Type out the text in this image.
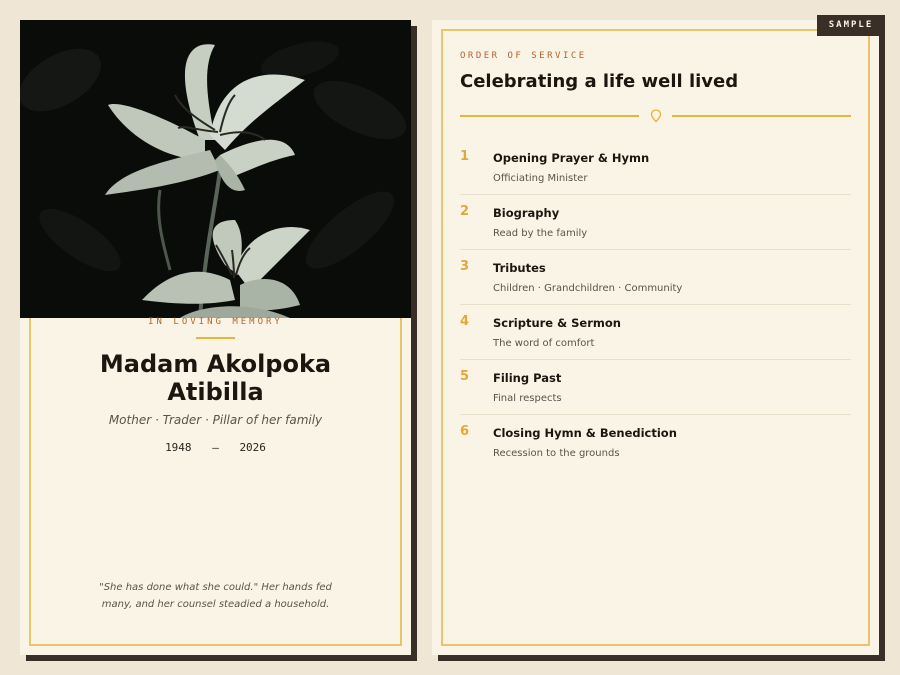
IN LOVING MEMORY
Madam Akolpoka
Atibilla
Mother · Trader · Pillar of her family
1948 — 2026
"She has done what she could." Her hands fed
many, and her counsel steadied a household.
ORDER OF SERVICE
Celebrating a life well lived
1 Opening Prayer & Hymn
Officiating Minister
2 Biography
Read by the family
3 Tributes
Children · Grandchildren · Community
4 Scripture & Sermon
The word of comfort
5 Filing Past
Final respects
6 Closing Hymn & Benediction
Recession to the grounds
SAMPLE
